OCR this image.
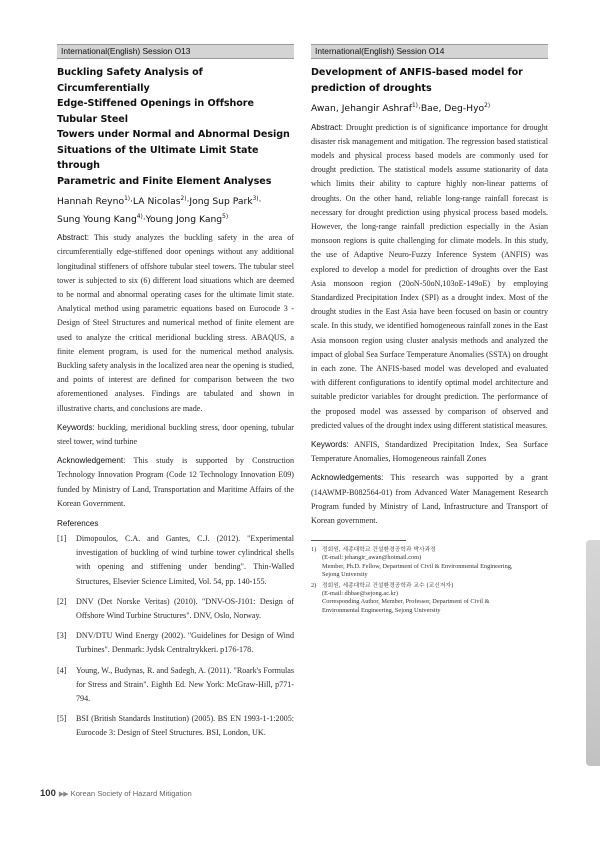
International(English) Session O13
Buckling Safety Analysis of Circumferentially
Edge-Stiffened Openings in Offshore Tubular Steel
Towers under Normal and Abnormal Design
Situations of the Ultimate Limit State through
Parametric and Finite Element Analyses
Hannah Reyno$^{1)}$·LA Nicolas$^{2)}$·Jong Sup Park$^{3)}$·
Sung Young Kang$^{4)}$·Young Jong Kang$^{5)}$

Abstract: This study analyzes the buckling safety in the area of circumferentially edge-stiffened door openings without any additional longitudinal stiffeners of offshore tubular steel towers. The tubular steel tower is subjected to six (6) different load situations which are deemed to be normal and abnormal operating cases for the ultimate limit state. Analytical method using parametric equations based on Eurocode 3 - Design of Steel Structures and numerical method of finite element are used to analyze the critical meridional buckling stress. ABAQUS, a finite element program, is used for the numerical method analysis. Buckling safety analysis in the localized area near the opening is studied, and points of interest are defined for comparison between the two aforementioned analyses. Findings are tabulated and shown in illustrative charts, and conclusions are made.

Keywords: buckling, meridional buckling stress, door opening, tubular steel tower, wind turbine

Acknowledgement: This study is supported by Construction Technology Innovation Program (Code 12 Technology Innovation E09) funded by Ministry of Land, Transportation and Maritime Affairs of the Korean Government.

References
[1]	Dimopoulos, C.A. and Gantes, C.J. (2012). "Experimental investigation of buckling of wind turbine tower cylindrical shells with opening and stiffening under bending". Thin-Walled Structures, Elsevier Science Limited, Vol. 54, pp. 140-155.
[2]	DNV (Det Norske Veritas) (2010). "DNV-OS-J101: Design of Offshore Wind Turbine Structures". DNV, Oslo, Norway.
[3]	DNV/DTU Wind Energy (2002). "Guidelines for Design of Wind Turbines". Denmark: Jydsk Centraltrykkeri. p176-178.
[4]	Young, W., Budynas, R. and Sadegh, A. (2011). "Roark's Formulas for Stress and Strain". Eighth Ed. New York: McGraw-Hill, p771-794.
[5]	BSI (British Standards Institution) (2005). BS EN 1993-1-1:2005: Eurocode 3: Design of Steel Structures. BSI, London, UK.
International(English) Session O14
Development of ANFIS-based model for
prediction of droughts
Awan, Jehangir Ashraf$^{1)}$·Bae, Deg-Hyo$^{2)}$

Abstract: Drought prediction is of significance importance for drought disaster risk management and mitigation. The regression based statistical models and physical process based models are commonly used for drought prediction. The statistical models assume stationarity of data which limits their ability to capture highly non-linear patterns of droughts. On the other hand, reliable long-range rainfall forecast is necessary for drought prediction using physical process based models. However, the long-range rainfall prediction especially in the Asian monsoon regions is quite challenging for climate models. In this study, the use of Adaptive Neuro-Fuzzy Inference System (ANFIS) was explored to develop a model for prediction of droughts over the East Asia monsoon region (20oN-50oN,103oE-149oE) by employing Standardized Precipitation Index (SPI) as a drought index. Most of the drought studies in the East Asia have been focused on basin or country scale. In this study, we identified homogeneous rainfall zones in the East Asia monsoon region using cluster analysis methods and analyzed the impact of global Sea Surface Temperature Anomalies (SSTA) on drought in each zone. The ANFIS-based model was developed and evaluated with different configurations to identify optimal model architecture and suitable predictor variables for drought prediction. The performance of the proposed model was assessed by comparison of observed and predicted values of the drought index using different statistical measures.

Keywords: ANFIS, Standardized Precipitation Index, Sea Surface Temperature Anomalies, Homogeneous rainfall Zones

Acknowledgements: This research was supported by a grant (14AWMP-B082564-01) from Advanced Water Management Research Program funded by Ministry of Land, Infrastructure and Transport of Korean government.

1) 정회원, 세종대학교 건설환경공학과 박사과정
(E-mail: jehangir_awan@hotmail.com)
Member, Ph.D. Fellow, Department of Civil & Environmental Engineering,
Sejong University
2) 정회원, 세종대학교 건설환경공학과 교수 (교신저자)
(E-mail: dhbae@sejong.ac.kr)
Corresponding Author, Member, Professor, Department of Civil &
Environmental Engineering, Sejong University
100 ▶▶ Korean Society of Hazard Mitigation
